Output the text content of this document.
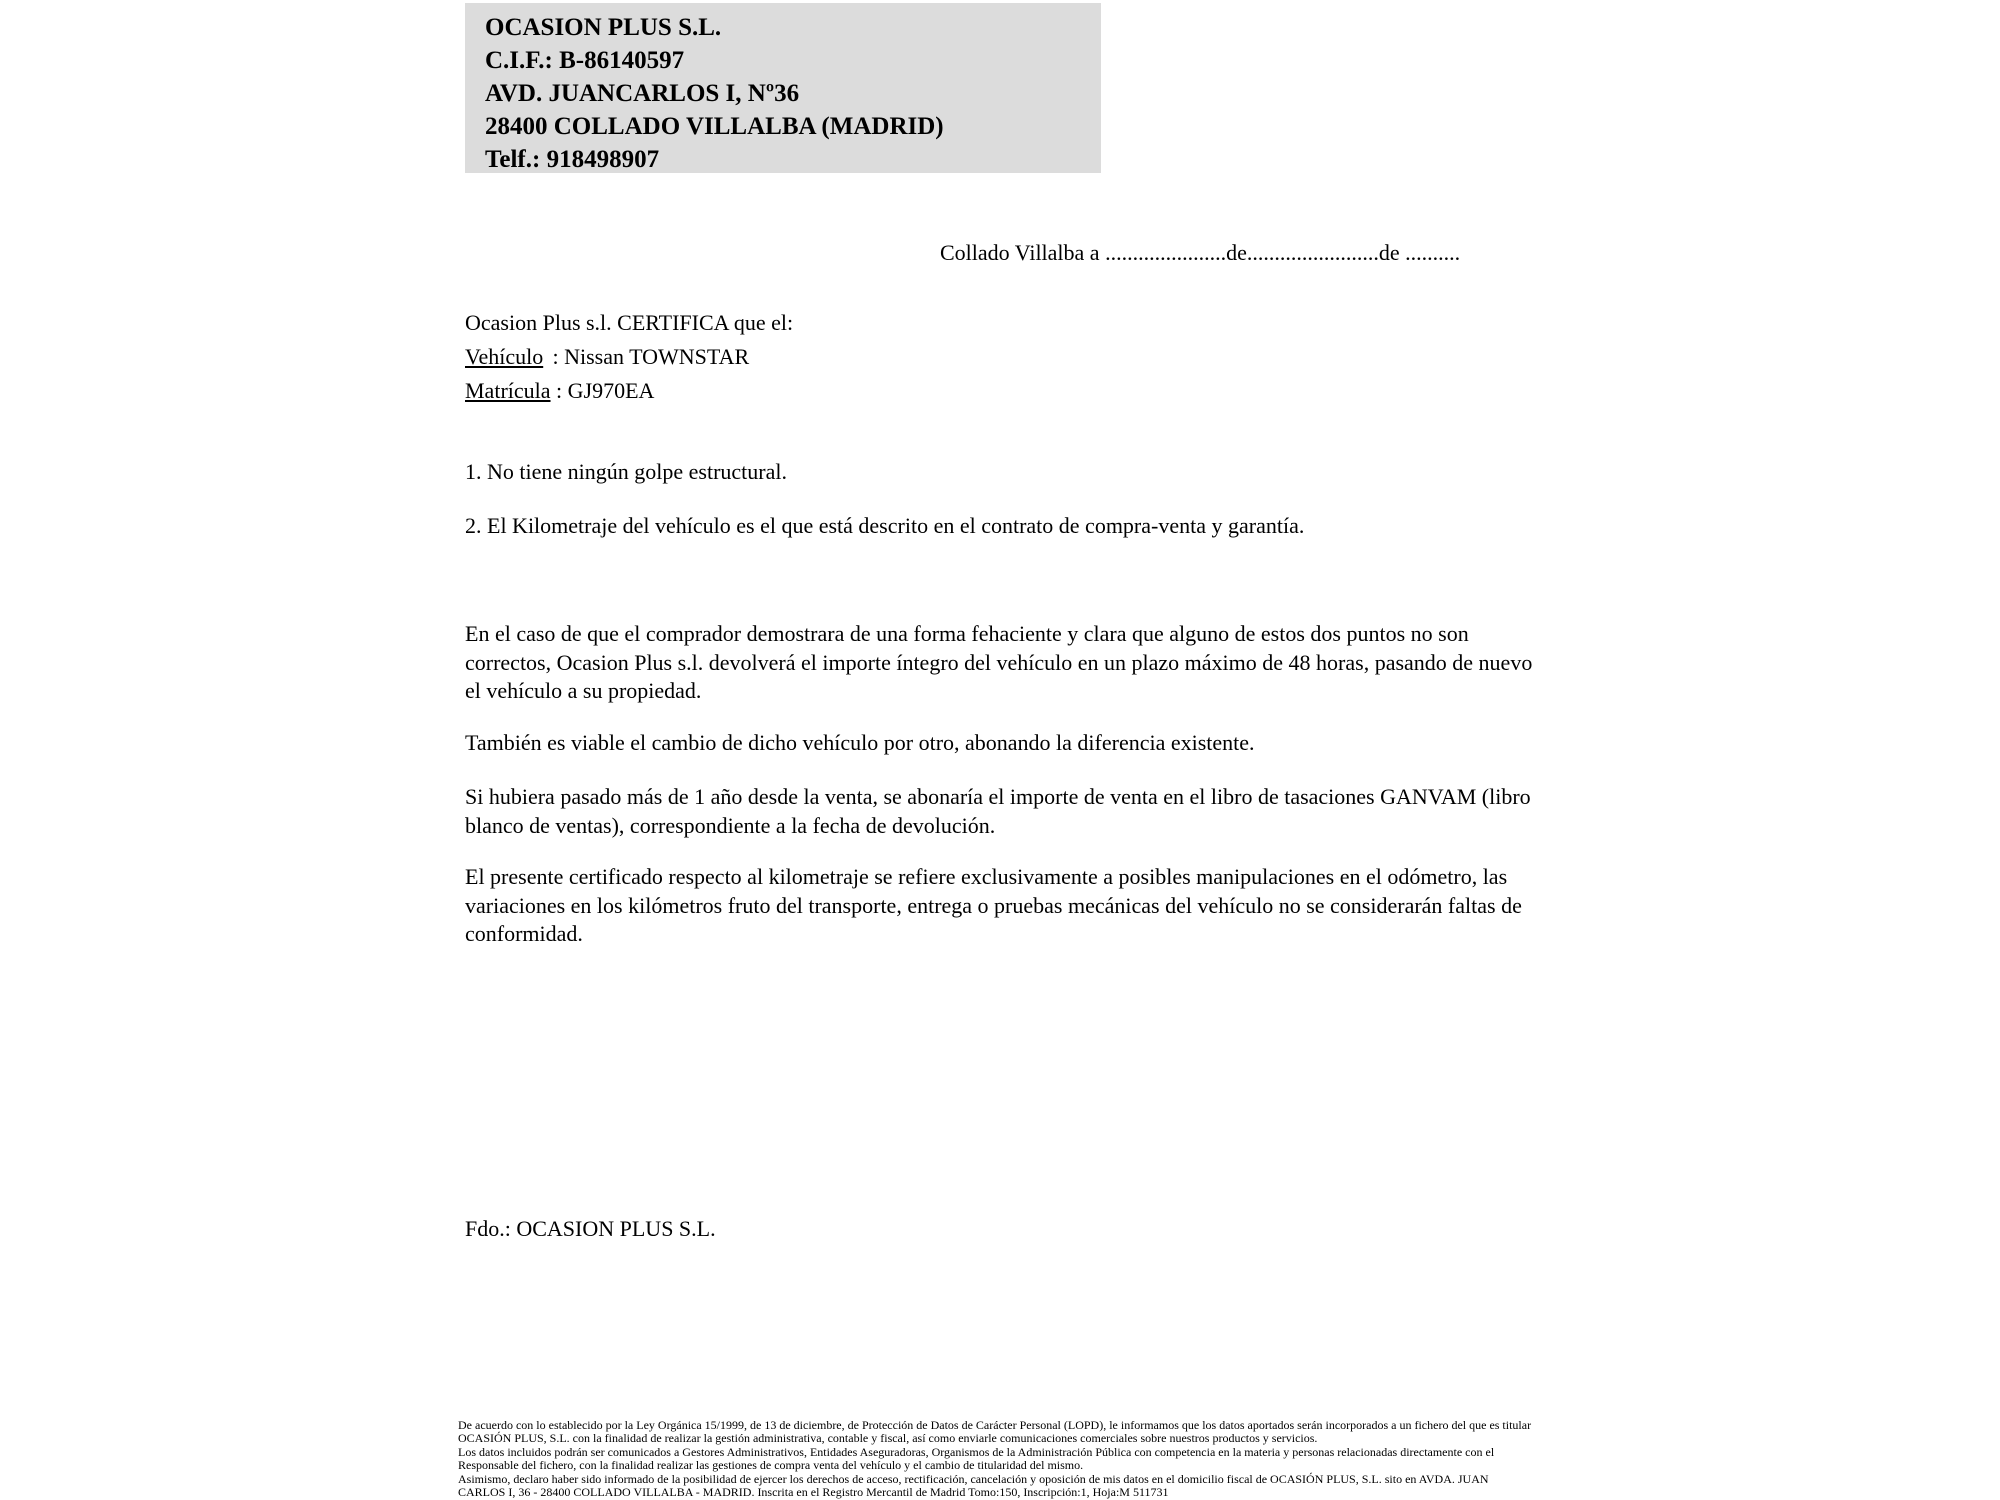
OCASION PLUS S.L.
C.I.F.: B-86140597
AVD. JUANCARLOS I, Nº36
28400 COLLADO VILLALBA (MADRID)
Telf.: 918498907
Collado Villalba a ......................de........................de ..........
Ocasion Plus s.l. CERTIFICA que el:
Vehículo : Nissan TOWNSTAR
Matrícula : GJ970EA
1. No tiene ningún golpe estructural.
2. El Kilometraje del vehículo es el que está descrito en el contrato de compra-venta y garantía.
En el caso de que el comprador demostrara de una forma fehaciente y clara que alguno de estos dos puntos no son correctos, Ocasion Plus s.l. devolverá el importe íntegro del vehículo en un plazo máximo de 48 horas, pasando de nuevo el vehículo a su propiedad.
También es viable el cambio de dicho vehículo por otro, abonando la diferencia existente.
Si hubiera pasado más de 1 año desde la venta, se abonaría el importe de venta en el libro de tasaciones GANVAM (libro blanco de ventas), correspondiente a la fecha de devolución.
El presente certificado respecto al kilometraje se refiere exclusivamente a posibles manipulaciones en el odómetro, las variaciones en los kilómetros fruto del transporte, entrega o pruebas mecánicas del vehículo no se considerarán faltas de conformidad.
Fdo.: OCASION PLUS S.L.
De acuerdo con lo establecido por la Ley Orgánica 15/1999, de 13 de diciembre, de Protección de Datos de Carácter Personal (LOPD), le informamos que los datos aportados serán incorporados a un fichero del que es titular
OCASIÓN PLUS, S.L. con la finalidad de realizar la gestión administrativa, contable y fiscal, así como enviarle comunicaciones comerciales sobre nuestros productos y servicios.
Los datos incluidos podrán ser comunicados a Gestores Administrativos, Entidades Aseguradoras, Organismos de la Administración Pública con competencia en la materia y personas relacionadas directamente con el
Responsable del fichero, con la finalidad realizar las gestiones de compra venta del vehículo y el cambio de titularidad del mismo.
Asimismo, declaro haber sido informado de la posibilidad de ejercer los derechos de acceso, rectificación, cancelación y oposición de mis datos en el domicilio fiscal de OCASIÓN PLUS, S.L. sito en AVDA. JUAN
CARLOS I, 36 - 28400 COLLADO VILLALBA - MADRID. Inscrita en el Registro Mercantil de Madrid Tomo:150, Inscripción:1, Hoja:M 511731
